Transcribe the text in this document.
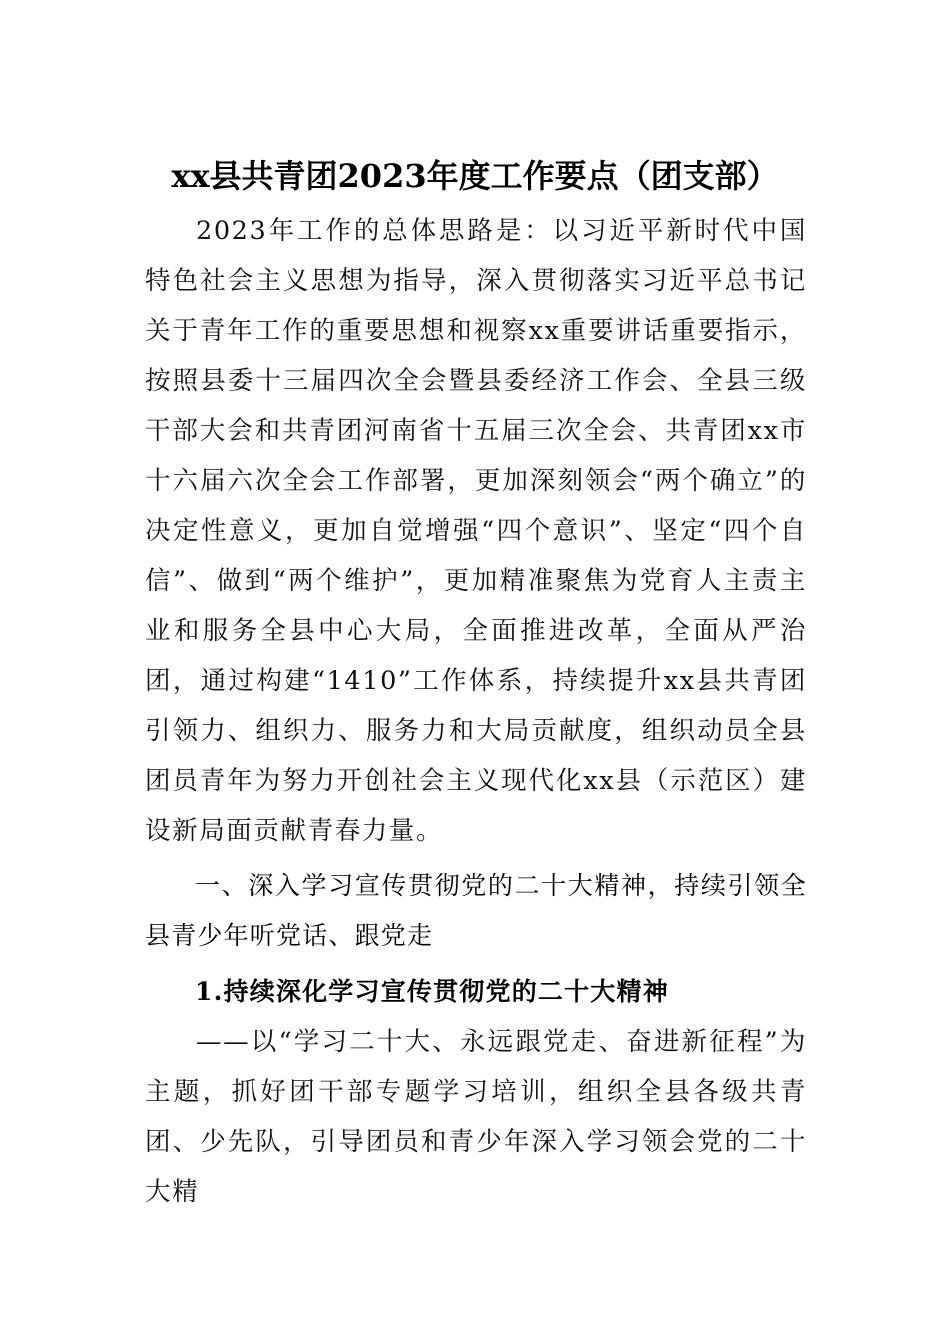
xx县共青团2023年度工作要点（团支部）

2023年工作的总体思路是：以习近平新时代中国特色社会主义思想为指导，深入贯彻落实习近平总书记关于青年工作的重要思想和视察xx重要讲话重要指示，按照县委十三届四次全会暨县委经济工作会、全县三级干部大会和共青团河南省十五届三次全会、共青团xx市十六届六次全会工作部署，更加深刻领会“两个确立”的决定性意义，更加自觉增强“四个意识”、坚定“四个自信”、做到“两个维护”，更加精准聚焦为党育人主责主业和服务全县中心大局，全面推进改革，全面从严治团，通过构建“1410”工作体系，持续提升xx县共青团引领力、组织力、服务力和大局贡献度，组织动员全县团员青年为努力开创社会主义现代化xx县（示范区）建设新局面贡献青春力量。

一、深入学习宣传贯彻党的二十大精神，持续引领全县青少年听党话、跟党走

1.持续深化学习宣传贯彻党的二十大精神

——以“学习二十大、永远跟党走、奋进新征程”为主题，抓好团干部专题学习培训，组织全县各级共青团、少先队，引导团员和青少年深入学习领会党的二十大精
